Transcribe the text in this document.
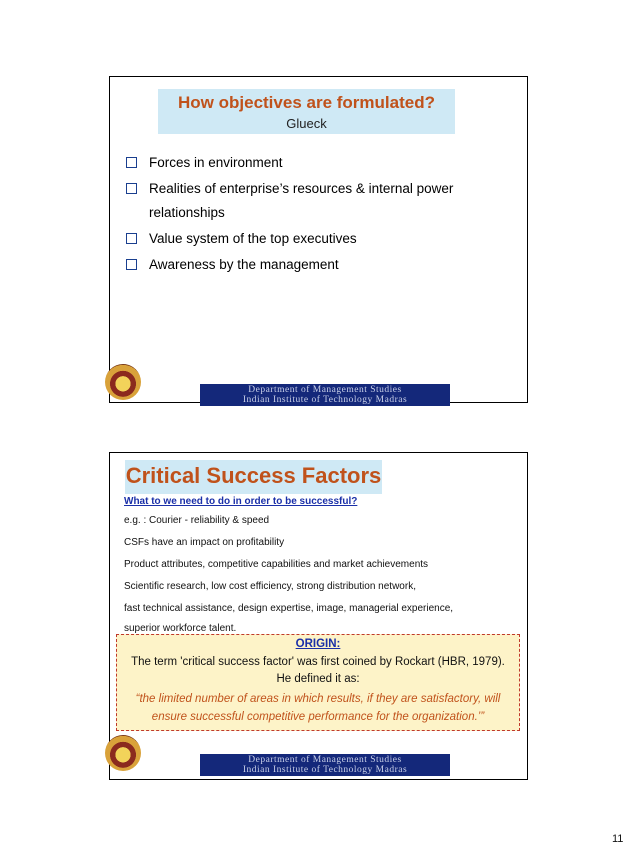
How objectives are formulated?
Glueck
Forces in environment
Realities of enterprise’s resources & internal power relationships
Value system of the top executives
Awareness by the management
Department of Management Studies
Indian Institute of Technology Madras
Critical Success Factors
What to we need to do in order to be successful?
e.g. : Courier - reliability & speed
CSFs have an impact on profitability
Product attributes, competitive capabilities and market achievements
Scientific research, low cost efficiency, strong distribution network,
fast technical assistance, design expertise, image, managerial experience,
superior workforce talent.
ORIGIN:
The term 'critical success factor' was first coined by Rockart (HBR, 1979).
He defined it as:
“the limited number of areas in which results, if they are satisfactory, will
ensure successful competitive performance for the organization.’”
Department of Management Studies
Indian Institute of Technology Madras
11
